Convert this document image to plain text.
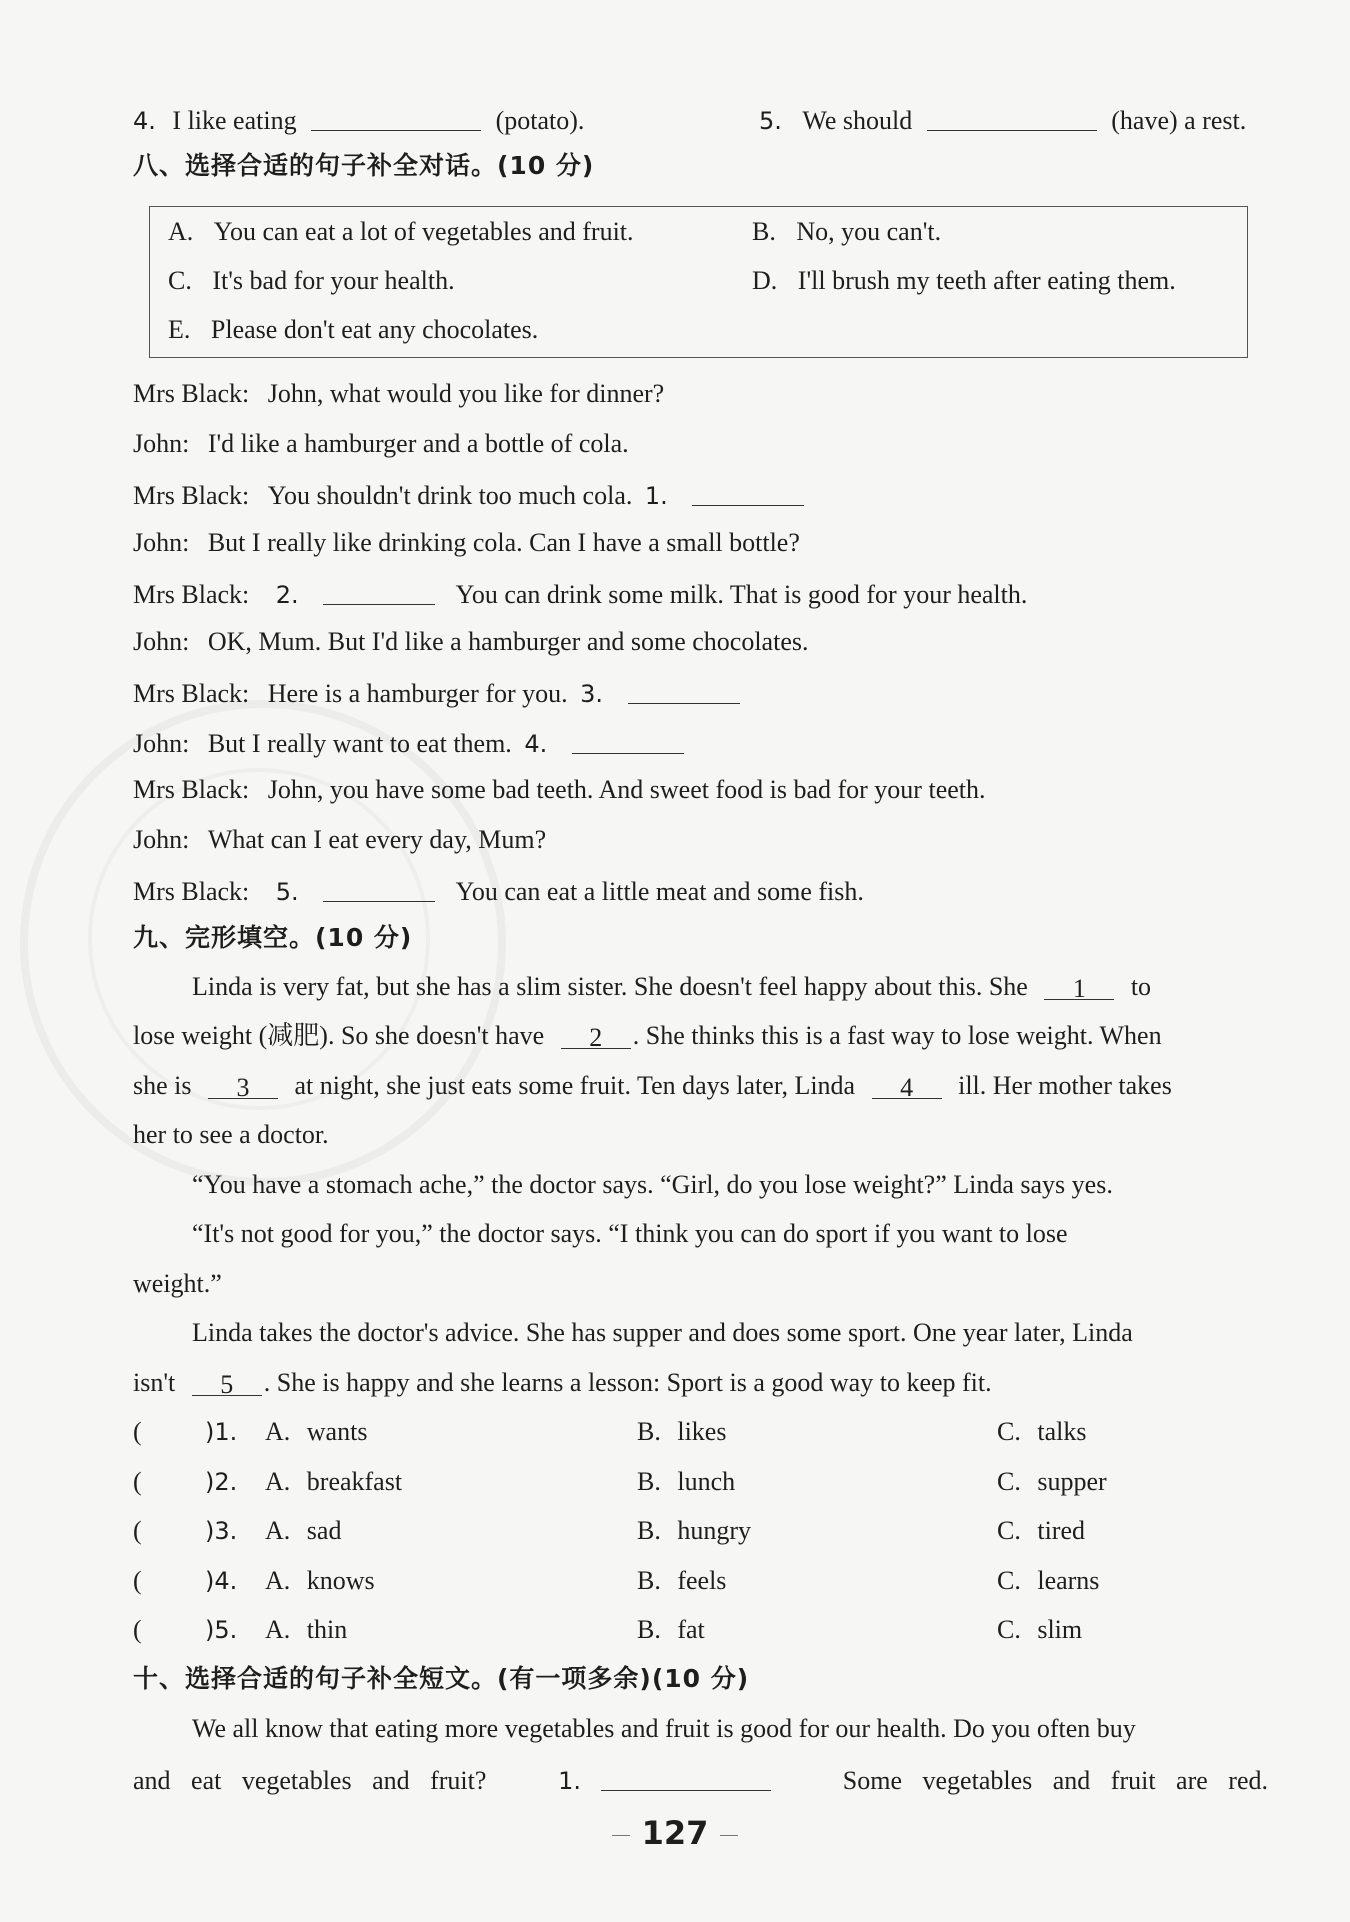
4. I like eating	(potato).	5. We should	(have) a rest.
八、选择合适的句子补全对话。(10 分)
A. You can eat a lot of vegetables and fruit.	B. No, you can't.
C. It's bad for your health.	D. I'll brush my teeth after eating them.
E. Please don't eat any chocolates.
Mrs Black: John, what would you like for dinner?
John: I'd like a hamburger and a bottle of cola.
Mrs Black: You shouldn't drink too much cola. 1.
John: But I really like drinking cola. Can I have a small bottle?
Mrs Black: 2.	You can drink some milk. That is good for your health.
John: OK, Mum. But I'd like a hamburger and some chocolates.
Mrs Black: Here is a hamburger for you. 3.
John: But I really want to eat them. 4.
Mrs Black: John, you have some bad teeth. And sweet food is bad for your teeth.
John: What can I eat every day, Mum?
Mrs Black: 5.	You can eat a little meat and some fish.
九、完形填空。(10 分)
Linda is very fat, but she has a slim sister. She doesn't feel happy about this. She 1 to
lose weight (减肥). So she doesn't have 2 . She thinks this is a fast way to lose weight. When
she is 3 at night, she just eats some fruit. Ten days later, Linda 4 ill. Her mother takes
her to see a doctor.
“You have a stomach ache,” the doctor says. “Girl, do you lose weight?” Linda says yes.
“It's not good for you,” the doctor says. “I think you can do sport if you want to lose
weight.”
Linda takes the doctor's advice. She has supper and does some sport. One year later, Linda
isn't 5 . She is happy and she learns a lesson: Sport is a good way to keep fit.
(	)1. A. wants	B. likes	C. talks
(	)2. A. breakfast	B. lunch	C. supper
(	)3. A. sad	B. hungry	C. tired
(	)4. A. knows	B. feels	C. learns
(	)5. A. thin	B. fat	C. slim
十、选择合适的句子补全短文。(有一项多余)(10 分)
We all know that eating more vegetables and fruit is good for our health. Do you often buy
and eat vegetables and fruit?	1.	Some vegetables and fruit are red.
127
